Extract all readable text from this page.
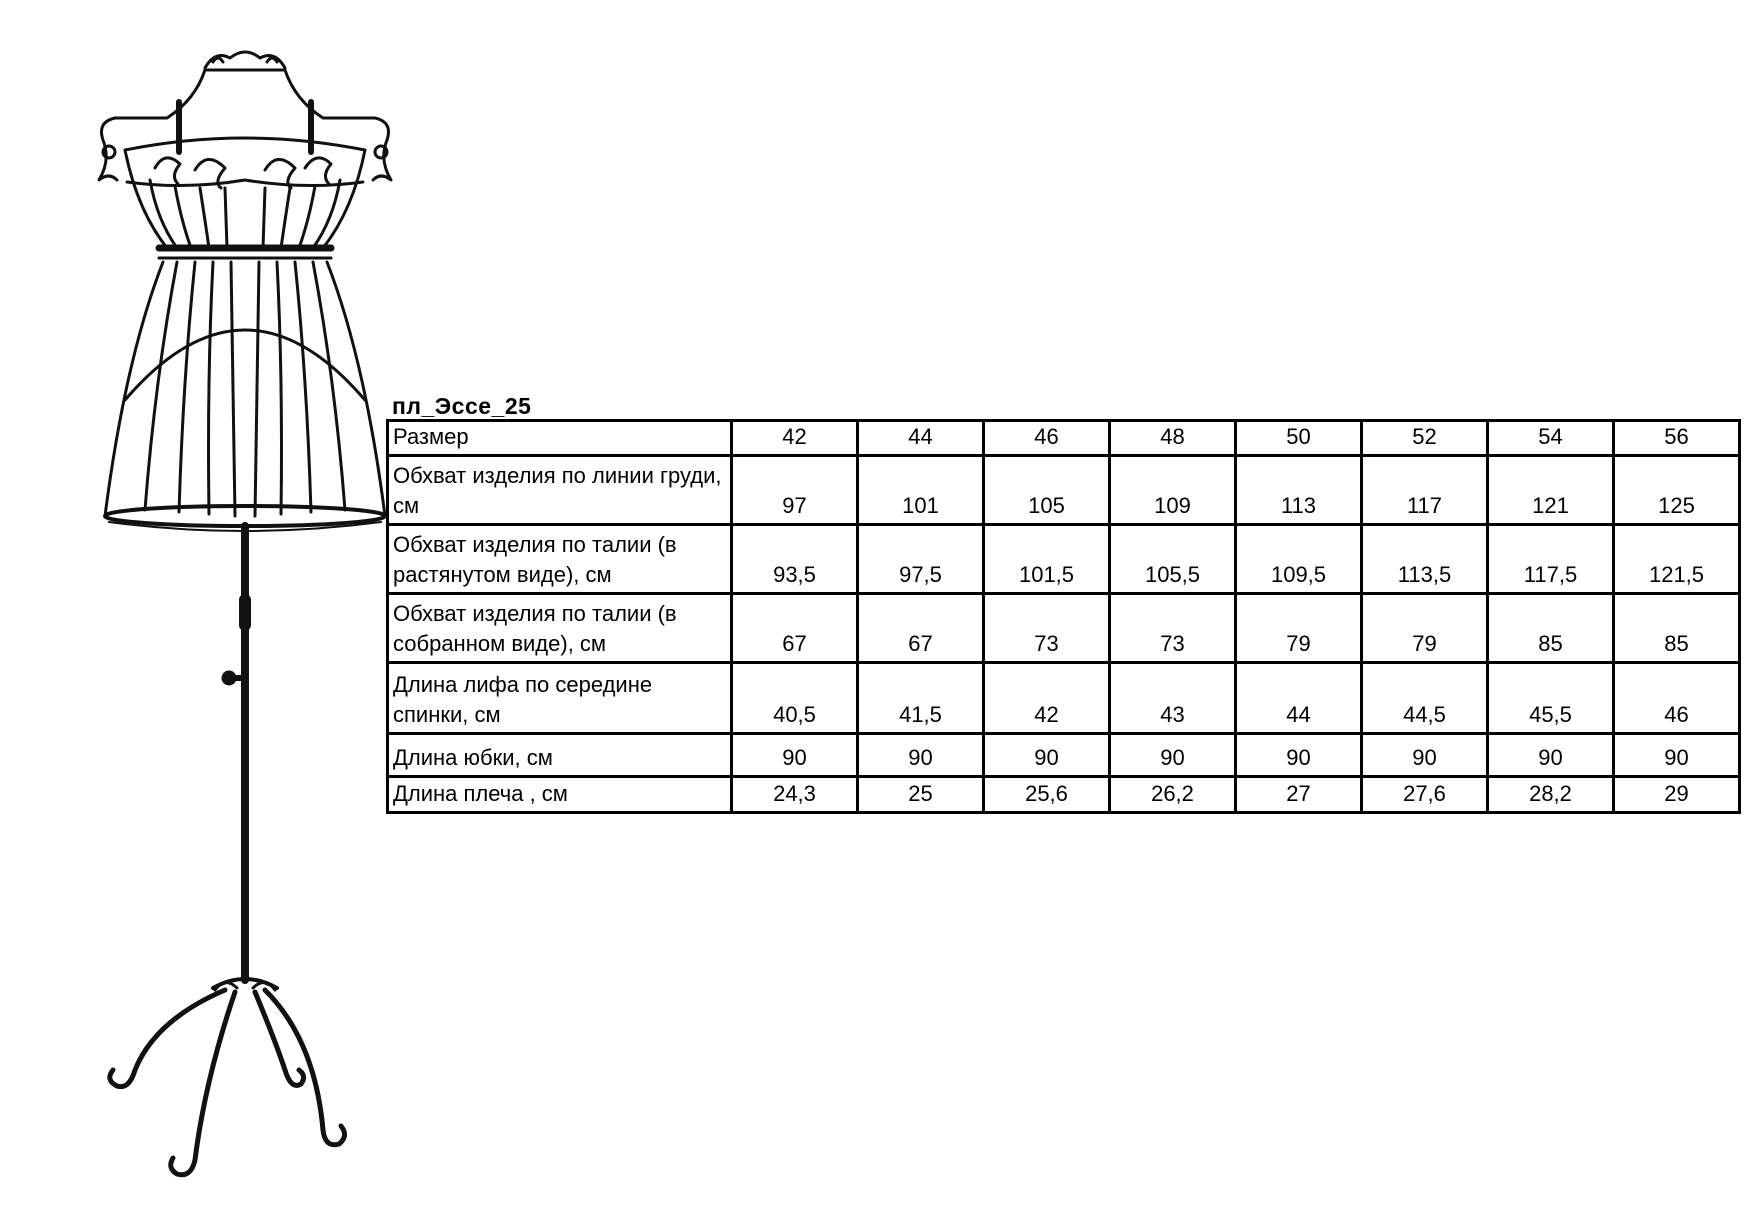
пл_Эссе_25
Размер	42	44	46	48	50	52	54	56
Обхват изделия по линии груди, см	97	101	105	109	113	117	121	125
Обхват изделия по талии (в растянутом виде), см	93,5	97,5	101,5	105,5	109,5	113,5	117,5	121,5
Обхват изделия по талии (в собранном виде), см	67	67	73	73	79	79	85	85
Длина лифа по середине спинки, см	40,5	41,5	42	43	44	44,5	45,5	46
Длина юбки, см	90	90	90	90	90	90	90	90
Длина плеча , см	24,3	25	25,6	26,2	27	27,6	28,2	29
